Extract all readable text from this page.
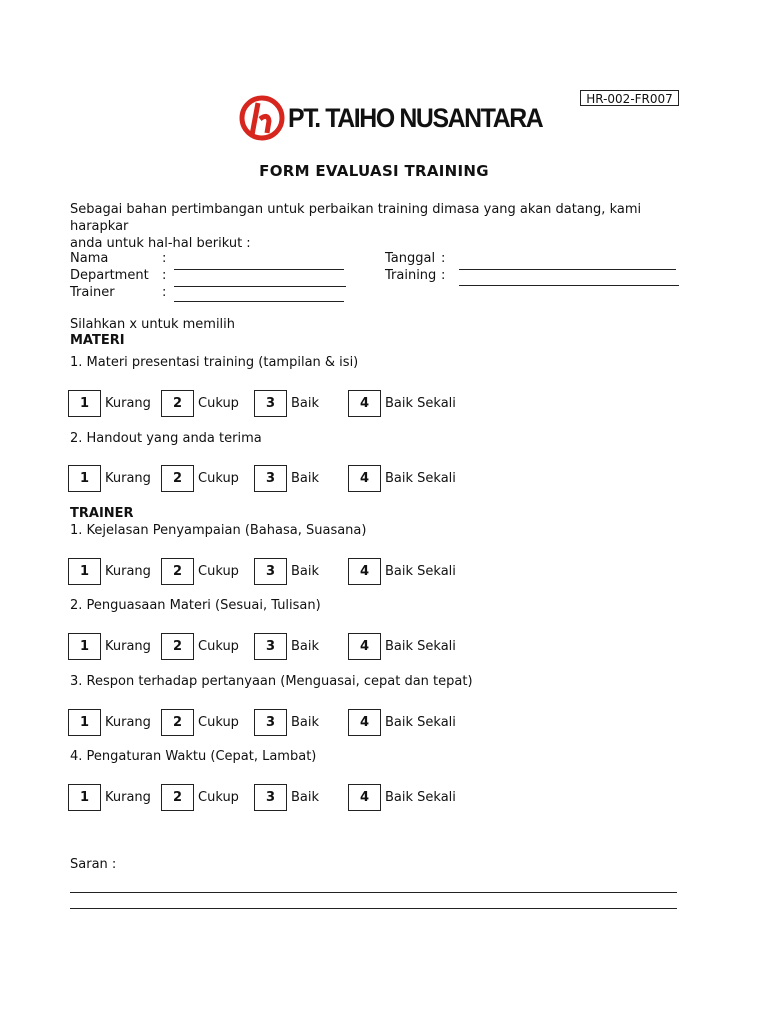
HR-002-FR007
PT. TAIHO NUSANTARA
FORM EVALUASI TRAINING
Sebagai bahan pertimbangan untuk perbaikan training dimasa yang akan datang, kami harapkar
anda untuk hal-hal berikut :
Nama	:
Department :
Trainer	:
Tanggal :
Training :
Silahkan x untuk memilih
MATERI
1. Materi presentasi training (tampilan & isi)
2. Handout yang anda terima
TRAINER
1. Kejelasan Penyampaian (Bahasa, Suasana)
2. Penguasaan Materi (Sesuai, Tulisan)
3. Respon terhadap pertanyaan (Menguasai, cepat dan tepat)
4. Pengaturan Waktu (Cepat, Lambat)
1	Kurang	2	Cukup	3	Baik	4	Baik Sekali
1	Kurang	2	Cukup	3	Baik	4	Baik Sekali
1	Kurang	2	Cukup	3	Baik	4	Baik Sekali
1	Kurang	2	Cukup	3	Baik	4	Baik Sekali
1	Kurang	2	Cukup	3	Baik	4	Baik Sekali
1	Kurang	2	Cukup	3	Baik	4	Baik Sekali
Saran :
